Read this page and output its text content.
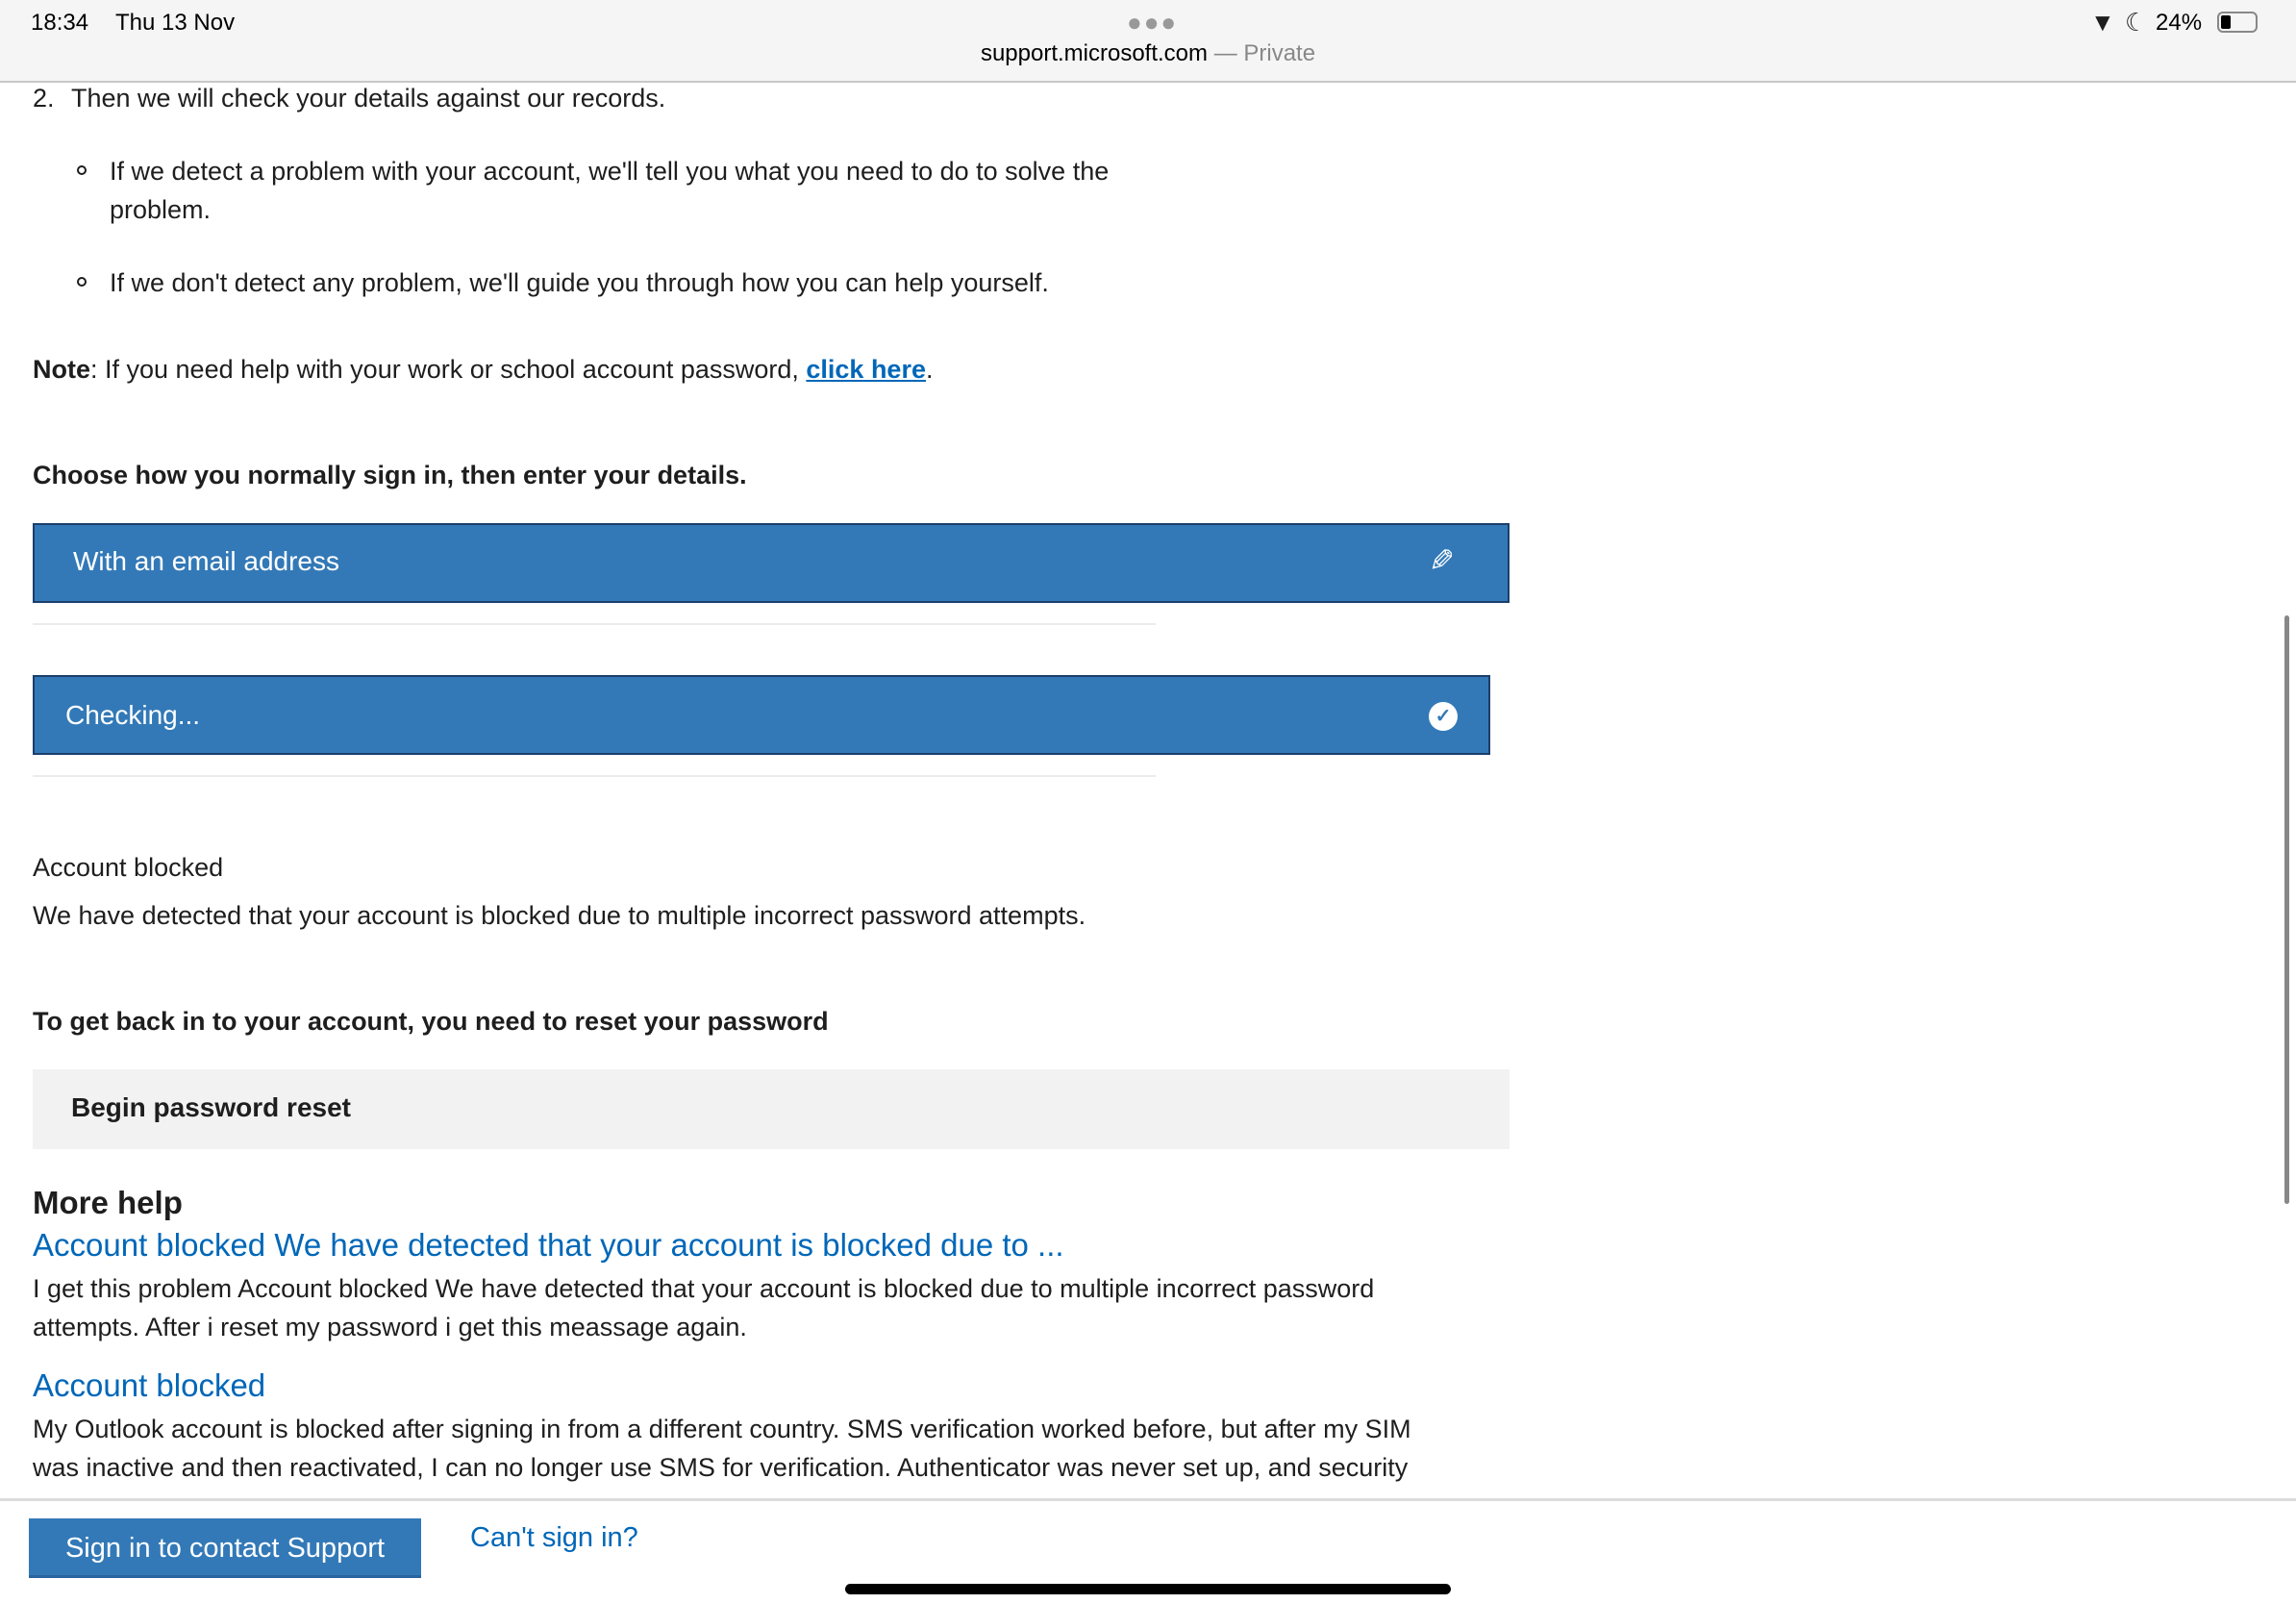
18:34 Thu 13 Nov	●●●
support.microsoft.com — Private
▼ ☾ 24%
2. Then we will check your details against our records.
If we detect a problem with your account, we'll tell you what you need to do to solve the
problem.
If we don't detect any problem, we'll guide you through how you can help yourself.
Note: If you need help with your work or school account password, click here.
Choose how you normally sign in, then enter your details.
With an email address	✎
Checking...	✓
Account blocked
We have detected that your account is blocked due to multiple incorrect password attempts.
To get back in to your account, you need to reset your password
Begin password reset
More help
Account blocked We have detected that your account is blocked due to ...
I get this problem Account blocked We have detected that your account is blocked due to multiple incorrect password
attempts. After i reset my password i get this meassage again.
Account blocked
My Outlook account is blocked after signing in from a different country. SMS verification worked before, but after my SIM
was inactive and then reactivated, I can no longer use SMS for verification. Authenticator was never set up, and security
Sign in to contact Support	Can't sign in?
